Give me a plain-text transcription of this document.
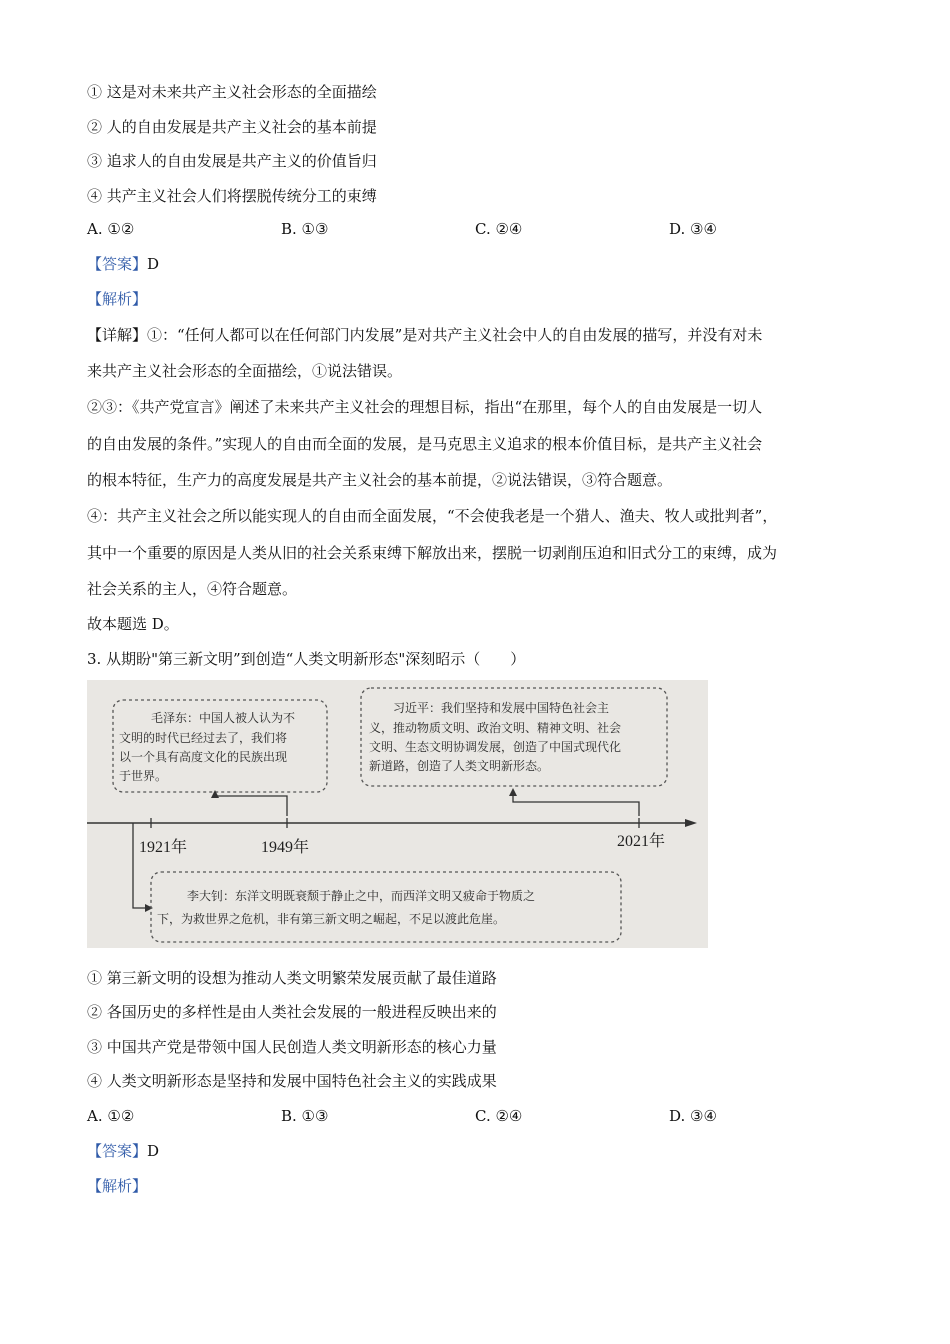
① 这是对未来共产主义社会形态的全面描绘
② 人的自由发展是共产主义社会的基本前提
③ 追求人的自由发展是共产主义的价值旨归
④ 共产主义社会人们将摆脱传统分工的束缚
A. ①②	B. ①③	C. ②④	D. ③④
【答案】D
【解析】
【详解】①：“任何人都可以在任何部门内发展”是对共产主义社会中人的自由发展的描写，并没有对未
来共产主义社会形态的全面描绘，①说法错误。
②③：《共产党宣言》阐述了未来共产主义社会的理想目标，指出“在那里，每个人的自由发展是一切人
的自由发展的条件。”实现人的自由而全面的发展，是马克思主义追求的根本价值目标，是共产主义社会
的根本特征，生产力的高度发展是共产主义社会的基本前提，②说法错误，③符合题意。
④：共产主义社会之所以能实现人的自由而全面发展，“不会使我老是一个猎人、渔夫、牧人或批判者”，
其中一个重要的原因是人类从旧的社会关系束缚下解放出来，摆脱一切剥削压迫和旧式分工的束缚，成为
社会关系的主人，④符合题意。
故本题选 D。
3. 从期盼"第三新文明”到创造“人类文明新形态"深刻昭示（　　）
毛泽东：中国人被人认为不
文明的时代已经过去了，我们将
以一个具有高度文化的民族出现
于世界。
习近平：我们坚持和发展中国特色社会主
义，推动物质文明、政治文明、精神文明、社会
文明、生态文明协调发展，创造了中国式现代化
新道路，创造了人类文明新形态。
1921年	1949年	2021年
李大钊：东洋文明既衰颓于静止之中，而西洋文明又疲命于物质之
下，为救世界之危机，非有第三新文明之崛起，不足以渡此危崖。
① 第三新文明的设想为推动人类文明繁荣发展贡献了最佳道路
② 各国历史的多样性是由人类社会发展的一般进程反映出来的
③ 中国共产党是带领中国人民创造人类文明新形态的核心力量
④ 人类文明新形态是坚持和发展中国特色社会主义的实践成果
A. ①②	B. ①③	C. ②④	D. ③④
【答案】D
【解析】
